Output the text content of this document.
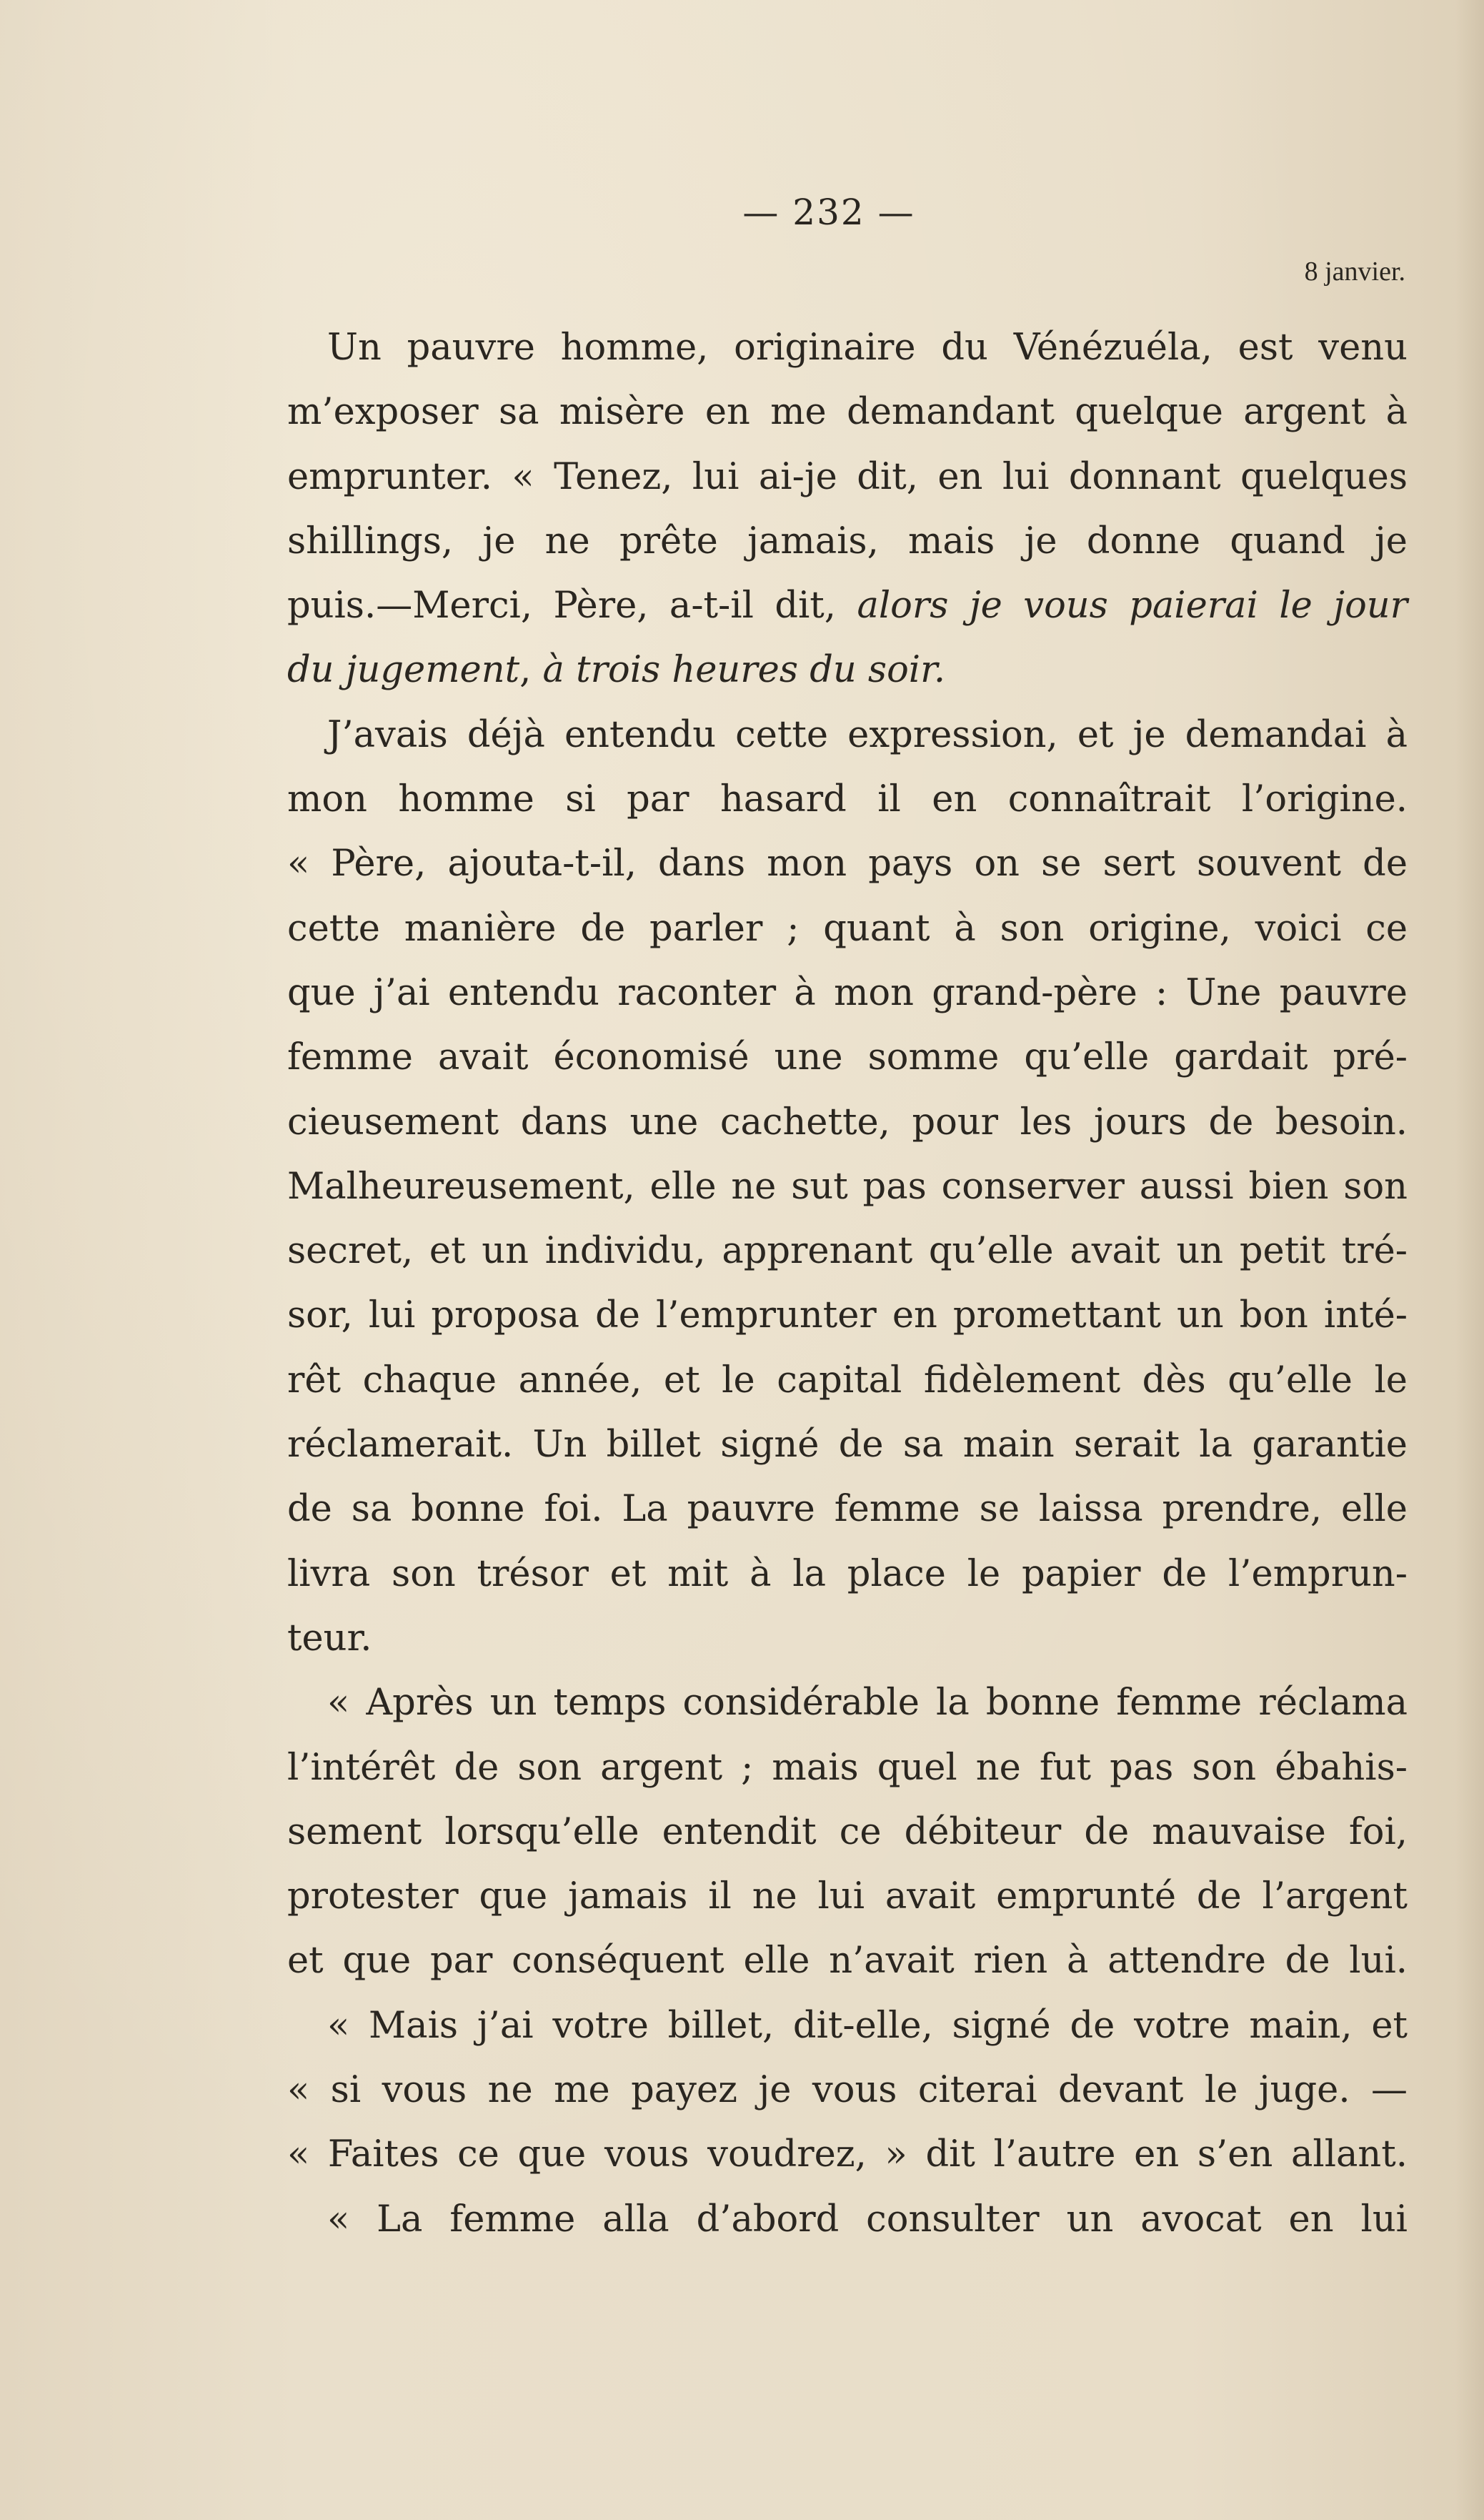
— 232 —
8 janvier.
Un pauvre homme, originaire du Vénézuéla, est venu
m’exposer sa misère en me demandant quelque argent à
emprunter. « Tenez, lui ai-je dit, en lui donnant quelques
shillings, je ne prête jamais, mais je donne quand je
puis.—Merci, Père, a-t-il dit, alors je vous paierai le jour
du jugement, à trois heures du soir.
J’avais déjà entendu cette expression, et je demandai à
mon homme si par hasard il en connaîtrait l’origine.
« Père, ajouta-t-il, dans mon pays on se sert souvent de
cette manière de parler ; quant à son origine, voici ce
que j’ai entendu raconter à mon grand-père : Une pauvre
femme avait économisé une somme qu’elle gardait pré-
cieusement dans une cachette, pour les jours de besoin.
Malheureusement, elle ne sut pas conserver aussi bien son
secret, et un individu, apprenant qu’elle avait un petit tré-
sor, lui proposa de l’emprunter en promettant un bon inté-
rêt chaque année, et le capital fidèlement dès qu’elle le
réclamerait. Un billet signé de sa main serait la garantie
de sa bonne foi. La pauvre femme se laissa prendre, elle
livra son trésor et mit à la place le papier de l’emprun-
teur.
« Après un temps considérable la bonne femme réclama
l’intérêt de son argent ; mais quel ne fut pas son ébahis-
sement lorsqu’elle entendit ce débiteur de mauvaise foi,
protester que jamais il ne lui avait emprunté de l’argent
et que par conséquent elle n’avait rien à attendre de lui.
« Mais j’ai votre billet, dit-elle, signé de votre main, et
« si vous ne me payez je vous citerai devant le juge. —
« Faites ce que vous voudrez, » dit l’autre en s’en allant.
« La femme alla d’abord consulter un avocat en lui
